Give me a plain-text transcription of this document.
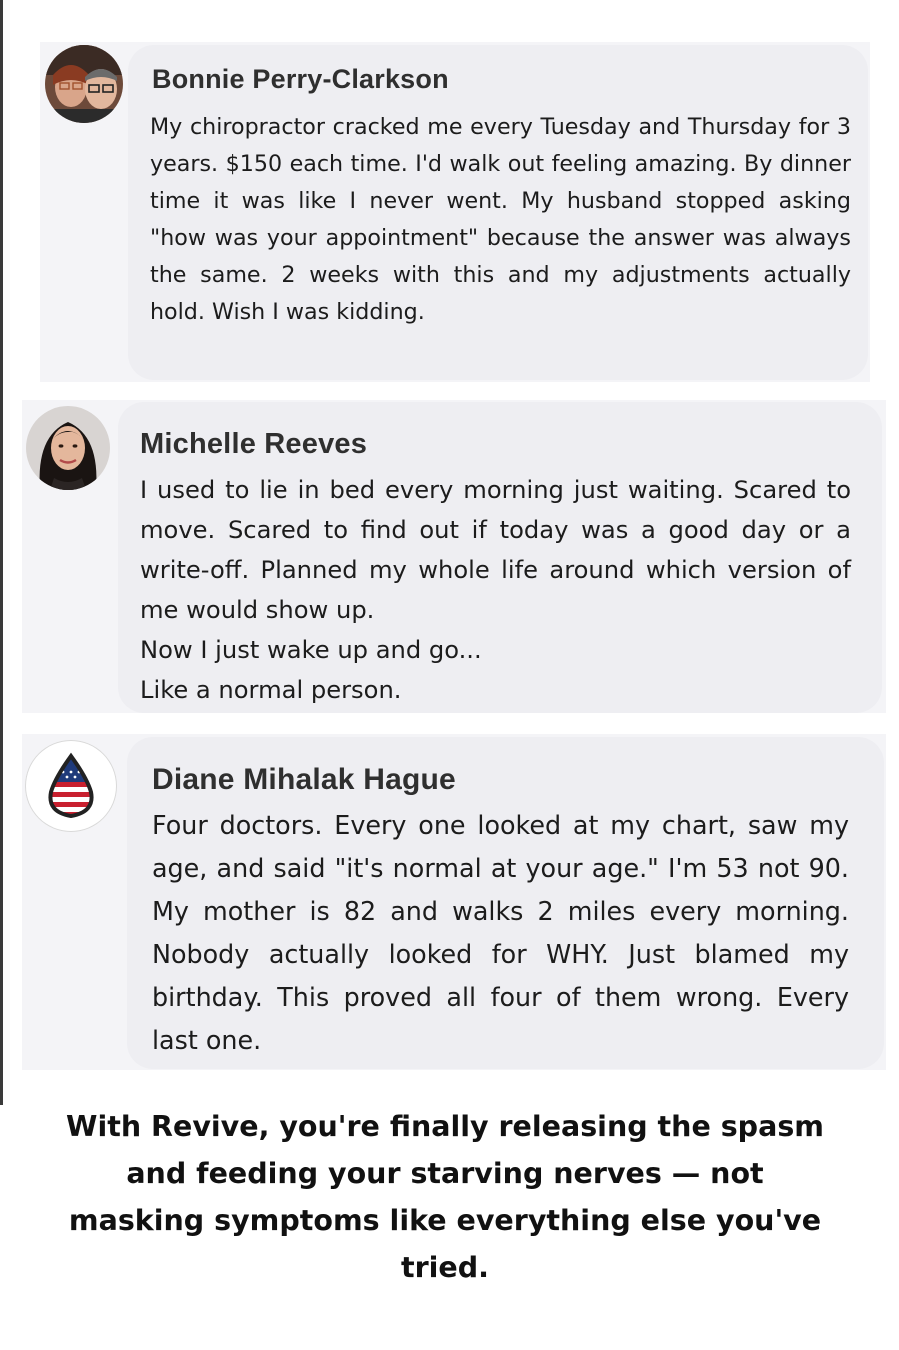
Bonnie Perry-Clarkson

My chiropractor cracked me every Tuesday and Thursday for 3 years. $150 each time. I'd walk out feeling amazing. By dinner time it was like I never went. My husband stopped asking "how was your appointment" because the answer was always the same. 2 weeks with this and my adjustments actually hold. Wish I was kidding.

Michelle Reeves

I used to lie in bed every morning just waiting. Scared to move. Scared to find out if today was a good day or a write-off. Planned my whole life around which version of me would show up.

Now I just wake up and go...

Like a normal person.

Diane Mihalak Hague

Four doctors. Every one looked at my chart, saw my age, and said "it's normal at your age." I'm 53 not 90. My mother is 82 and walks 2 miles every morning. Nobody actually looked for WHY. Just blamed my birthday. This proved all four of them wrong. Every last one.

With Revive, you're finally releasing the spasm and feeding your starving nerves — not masking symptoms like everything else you've tried.
